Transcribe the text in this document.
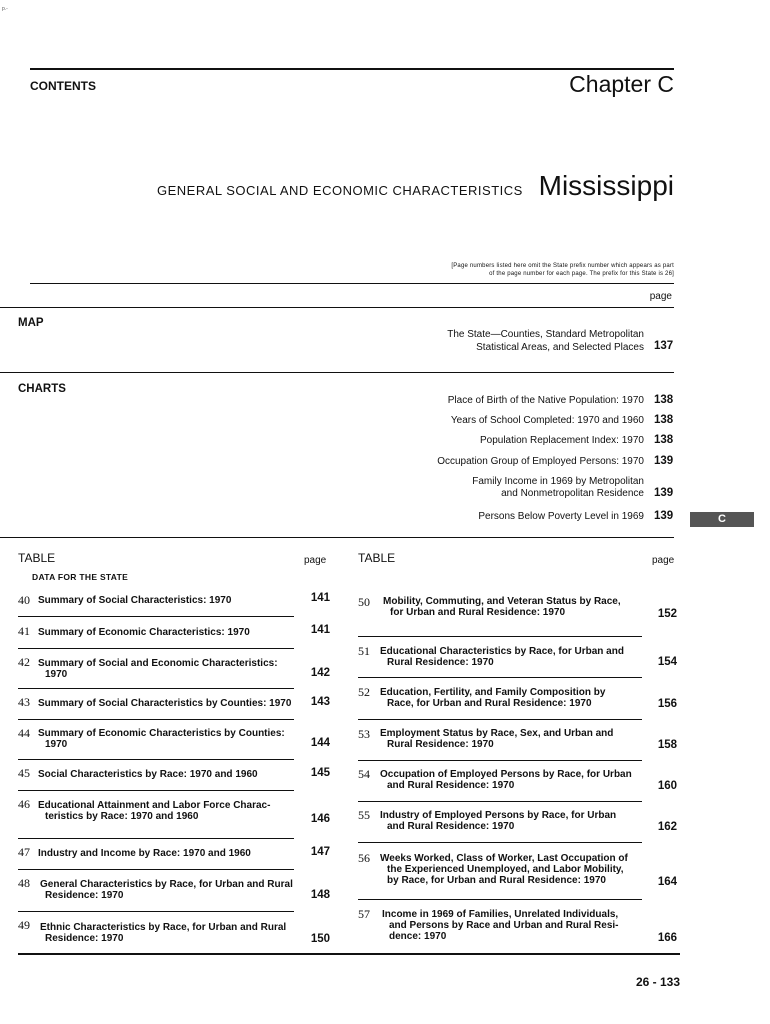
p.-
CONTENTS	Chapter C
GENERAL SOCIAL AND ECONOMIC CHARACTERISTICS Mississippi
[Page numbers listed here omit the State prefix number which appears as part
of the page number for each page. The prefix for this State is 26]
page
MAP
The State—Counties, Standard Metropolitan
Statistical Areas, and Selected Places 137
CHARTS
Place of Birth of the Native Population: 1970 138
Years of School Completed: 1970 and 1960 138
Population Replacement Index: 1970 138
Occupation Group of Employed Persons: 1970 139
Family Income in 1969 by Metropolitan
and Nonmetropolitan Residence 139
Persons Below Poverty Level in 1969 139	C
TABLE	page	TABLE	page
DATA FOR THE STATE
40 Summary of Social Characteristics: 1970	141
41 Summary of Economic Characteristics: 1970	141
42 Summary of Social and Economic Characteristics:
1970	142
43 Summary of Social Characteristics by Counties: 1970	143
44 Summary of Economic Characteristics by Counties:
1970	144
45 Social Characteristics by Race: 1970 and 1960	145
46 Educational Attainment and Labor Force Charac-
teristics by Race: 1970 and 1960	146
47 Industry and Income by Race: 1970 and 1960	147
48 General Characteristics by Race, for Urban and Rural
Residence: 1970	148
49 Ethnic Characteristics by Race, for Urban and Rural
Residence: 1970	150
50 Mobility, Commuting, and Veteran Status by Race,
for Urban and Rural Residence: 1970	152
51 Educational Characteristics by Race, for Urban and
Rural Residence: 1970	154
52 Education, Fertility, and Family Composition by
Race, for Urban and Rural Residence: 1970	156
53 Employment Status by Race, Sex, and Urban and
Rural Residence: 1970	158
54 Occupation of Employed Persons by Race, for Urban
and Rural Residence: 1970	160
55 Industry of Employed Persons by Race, for Urban
and Rural Residence: 1970	162
56 Weeks Worked, Class of Worker, Last Occupation of
the Experienced Unemployed, and Labor Mobility,
by Race, for Urban and Rural Residence: 1970	164
57 Income in 1969 of Families, Unrelated Individuals,
and Persons by Race and Urban and Rural Resi-
dence: 1970	166
26 - 133
